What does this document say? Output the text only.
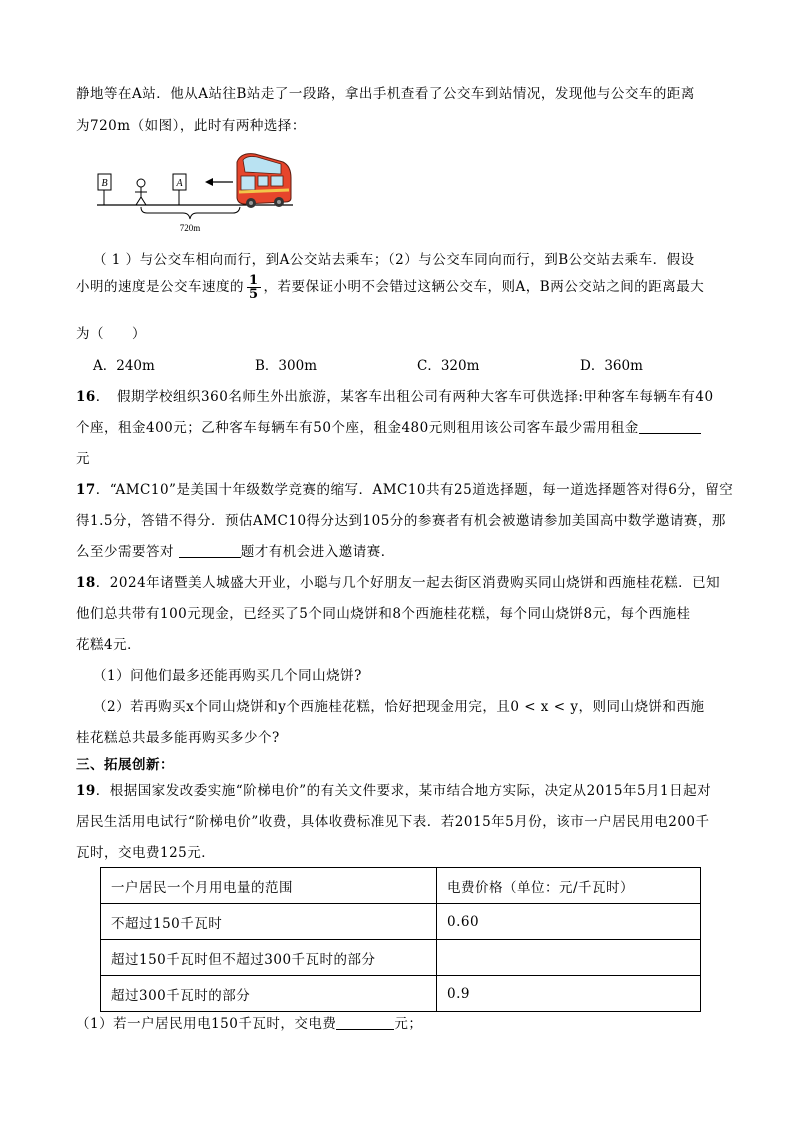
静地等在A站．他从A站往B站走了一段路，拿出手机查看了公交车到站情况，发现他与公交车的距离
为720m（如图），此时有两种选择：
B	A
720m
（ 1 ）与公交车相向而行，到A公交站去乘车；（2）与公交车同向而行，到B公交站去乘车．假设
小明的速度是公交车速度的 $\frac{1}{5}$ ，若要保证小明不会错过这辆公交车，则A，B两公交站之间的距离最大
为（　　）
A．240m	B．300m	C．320m	D．360m
16．　假期学校组织360名师生外出旅游，某客车出租公司有两种大客车可供选择:甲种客车每辆车有40
个座，租金400元；乙种客车每辆车有50个座，租金480元则租用该公司客车最少需用租金
元
17．“AMC10”是美国十年级数学竞赛的缩写．AMC10共有25道选择题，每一道选择题答对得6分，留空
得1.5分，答错不得分．预估AMC10得分达到105分的参赛者有机会被邀请参加美国高中数学邀请赛，那
么至少需要答对	题才有机会进入邀请赛．
18．2024年诸暨美人城盛大开业，小聪与几个好朋友一起去街区消费购买同山烧饼和西施桂花糕．已知
他们总共带有100元现金，已经买了5个同山烧饼和8个西施桂花糕，每个同山烧饼8元，每个西施桂
花糕4元．
（1）问他们最多还能再购买几个同山烧饼?
（2）若再购买x个同山烧饼和y个西施桂花糕，恰好把现金用完，且0 < x < y，则同山烧饼和西施
桂花糕总共最多能再购买多少个?
三、拓展创新：
19．根据国家发改委实施“阶梯电价”的有关文件要求，某市结合地方实际，决定从2015年5月1日起对
居民生活用电试行“阶梯电价”收费，具体收费标准见下表．若2015年5月份，该市一户居民用电200千
瓦时，交电费125元．
一户居民一个月用电量的范围	电费价格（单位：元/千瓦时）
不超过150千瓦时	0.60
超过150千瓦时但不超过300千瓦时的部分	
超过300千瓦时的部分	0.9
（1）若一户居民用电150千瓦时，交电费	元；
